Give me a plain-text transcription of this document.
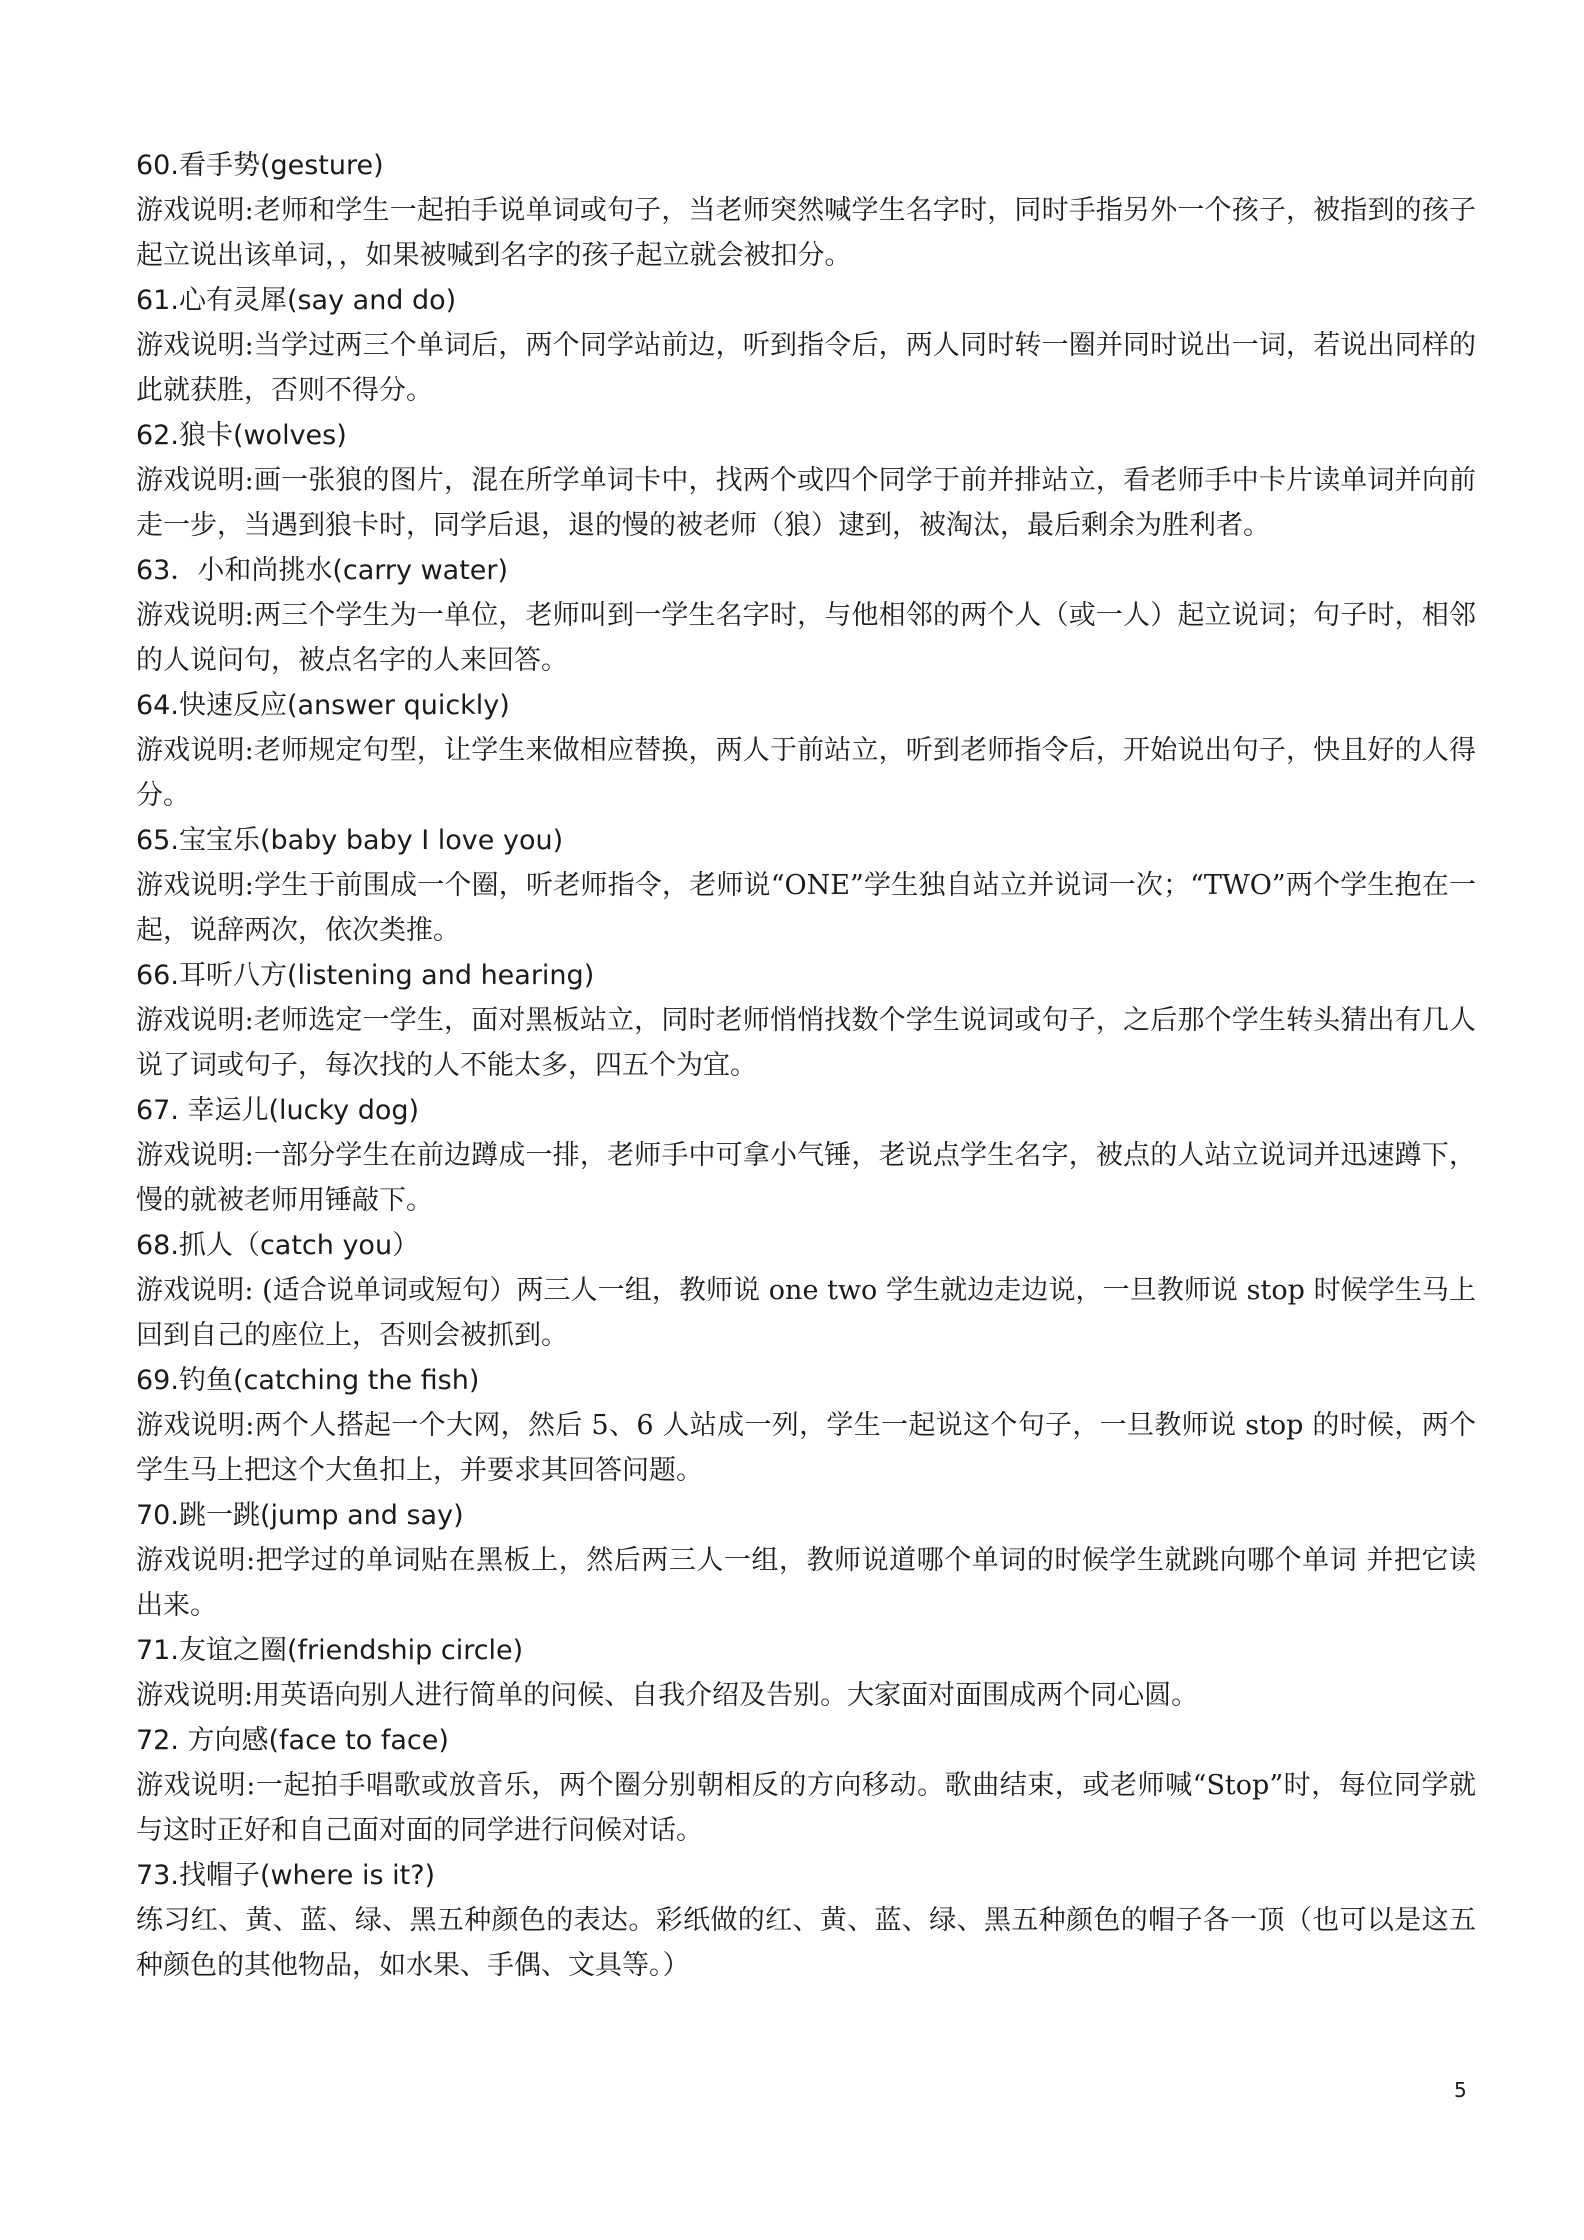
60.看手势(gesture)
游戏说明:老师和学生一起拍手说单词或句子，当老师突然喊学生名字时，同时手指另外一个孩子，被指到的孩子起立说出该单词，，如果被喊到名字的孩子起立就会被扣分。
61.心有灵犀(say and do)
游戏说明:当学过两三个单词后，两个同学站前边，听到指令后，两人同时转一圈并同时说出一词，若说出同样的此就获胜，否则不得分。
62.狼卡(wolves)
游戏说明:画一张狼的图片，混在所学单词卡中，找两个或四个同学于前并排站立，看老师手中卡片读单词并向前走一步，当遇到狼卡时，同学后退，退的慢的被老师（狼）逮到，被淘汰，最后剩余为胜利者。
63．小和尚挑水(carry water)
游戏说明:两三个学生为一单位，老师叫到一学生名字时，与他相邻的两个人（或一人）起立说词；句子时，相邻的人说问句，被点名字的人来回答。
64.快速反应(answer quickly)
游戏说明:老师规定句型，让学生来做相应替换，两人于前站立，听到老师指令后，开始说出句子，快且好的人得分。
65.宝宝乐(baby baby I love you)
游戏说明:学生于前围成一个圈，听老师指令，老师说“ONE”学生独自站立并说词一次；“TWO”两个学生抱在一起，说辞两次，依次类推。
66.耳听八方(listening and hearing)
游戏说明:老师选定一学生，面对黑板站立，同时老师悄悄找数个学生说词或句子，之后那个学生转头猜出有几人说了词或句子，每次找的人不能太多，四五个为宜。
67. 幸运儿(lucky dog)
游戏说明:一部分学生在前边蹲成一排，老师手中可拿小气锤，老说点学生名字，被点的人站立说词并迅速蹲下，慢的就被老师用锤敲下。
68.抓人（catch you）
游戏说明: (适合说单词或短句）两三人一组，教师说 one two 学生就边走边说，一旦教师说 stop 时候学生马上回到自己的座位上，否则会被抓到。
69.钓鱼(catching the fish)
游戏说明:两个人搭起一个大网，然后 5、6 人站成一列，学生一起说这个句子，一旦教师说 stop 的时候，两个学生马上把这个大鱼扣上，并要求其回答问题。
70.跳一跳(jump and say)
游戏说明:把学过的单词贴在黑板上，然后两三人一组，教师说道哪个单词的时候学生就跳向哪个单词 并把它读出来。
71.友谊之圈(friendship circle)
游戏说明:用英语向别人进行简单的问候、自我介绍及告别。大家面对面围成两个同心圆。
72. 方向感(face to face)
游戏说明:一起拍手唱歌或放音乐，两个圈分别朝相反的方向移动。歌曲结束，或老师喊“Stop”时，每位同学就与这时正好和自己面对面的同学进行问候对话。
73.找帽子(where is it?)
练习红、黄、蓝、绿、黑五种颜色的表达。彩纸做的红、黄、蓝、绿、黑五种颜色的帽子各一顶（也可以是这五种颜色的其他物品，如水果、手偶、文具等。）
5
